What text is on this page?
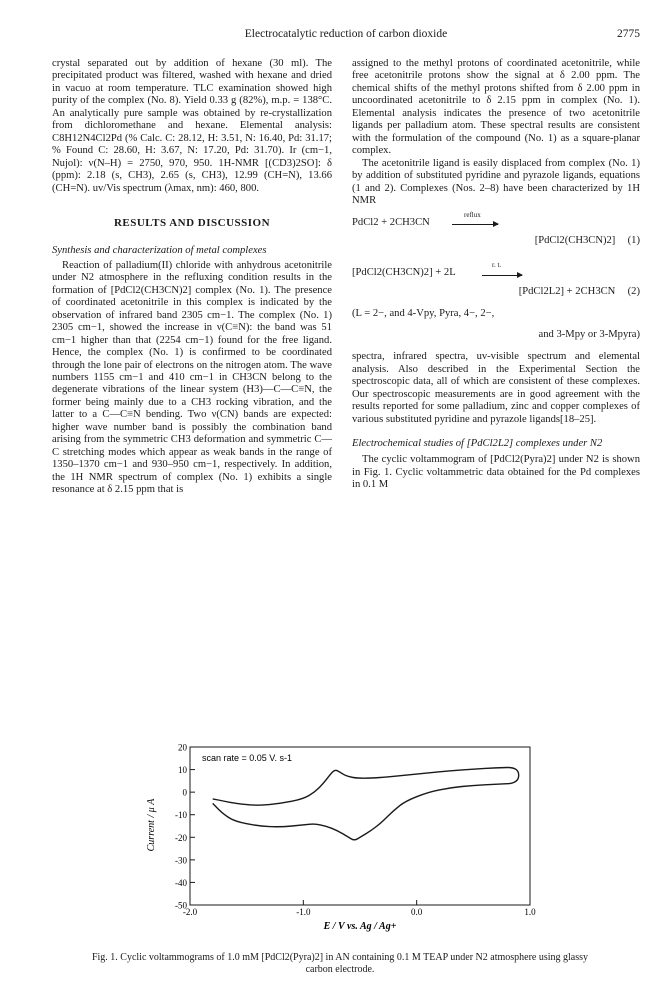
Electrocatalytic reduction of carbon dioxide	2775

crystal separated out by addition of hexane (30 ml). The precipitated product was filtered, washed with hexane and dried in vacuo at room temperature. TLC examination showed high purity of the complex (No. 8). Yield 0.33 g (82%), m.p. = 138°C. An analytically pure sample was obtained by re-crystallization from dichloromethane and hexane. Elemental analysis: C8H12N4Cl2Pd (% Calc. C: 28.12, H: 3.51, N: 16.40, Pd: 31.17; % Found C: 28.60, H: 3.67, N: 17.20, Pd: 31.70). Ir (cm−1, Nujol): ν(N–H) = 2750, 970, 950. 1H-NMR [(CD3)2SO]: δ (ppm): 2.18 (s, CH3), 2.65 (s, CH3), 12.99 (CH=N), 13.66 (CH=N). uv/Vis spectrum (λmax, nm): 460, 800.

RESULTS AND DISCUSSION
Synthesis and characterization of metal complexes

Reaction of palladium(II) chloride with anhydrous acetonitrile under N2 atmosphere in the refluxing condition results in the formation of [PdCl2(CH3CN)2] complex (No. 1). The presence of coordinated acetonitrile in this complex is indicated by the observation of infrared band 2305 cm−1. The complex (No. 1) 2305 cm−1, showed the increase in ν(C≡N): the band was 51 cm−1 higher than that (2254 cm−1) found for the free ligand. Hence, the complex (No. 1) is confirmed to be coordinated through the lone pair of electrons on the nitrogen atom. The wave numbers 1155 cm−1 and 410 cm−1 in CH3CN belong to the degenerate vibrations of the linear system (H3)—C—C≡N, the former being mainly due to a CH3 rocking vibration, and the latter to a C—C≡N bending. Two ν(CN) bands are expected: higher wave number band is possibly the combination band arising from the symmetric CH3 deformation and symmetric C—C stretching modes which appear as weak bands in the range of 1350–1370 cm−1 and 930–950 cm−1, respectively. In addition, the 1H NMR spectrum of complex (No. 1) exhibits a single resonance at δ 2.15 ppm that is

assigned to the methyl protons of coordinated acetonitrile, while free acetonitrile protons show the signal at δ 2.00 ppm. The chemical shifts of the methyl protons shifted from δ 2.00 ppm in uncoordinated acetonitrile to δ 2.15 ppm in complex (No. 1). Elemental analysis indicates the presence of two acetonitrile ligands per palladium atom. These spectral results are consistent with the formulation of the compound (No. 1) as a square-planar complex.

The acetonitrile ligand is easily displaced from complex (No. 1) by addition of substituted pyridine and pyrazole ligands, equations (1 and 2). Complexes (Nos. 2–8) have been characterized by 1H NMR

PdCl2 + 2CH3CN
reflux
[PdCl2(CH3CN)2] (1)
[PdCl2(CH3CN)2] + 2L
r. t.
[PdCl2L2] + 2CH3CN (2)

(L = 2−, and 4-Vpy, Pyra, 4−, 2−,

and 3-Mpy or 3-Mpyra)

spectra, infrared spectra, uv-visible spectrum and elemental analysis. Also described in the Experimental Section the spectroscopic data, all of which are consistent of these complexes. Our spectroscopic measurements are in good agreement with the results reported for some palladium, zinc and copper complexes of various substituted pyridine and pyrazole ligands[18–25].

Electrochemical studies of [PdCl2L2] complexes under N2

The cyclic voltammogram of [PdCl2(Pyra)2] under N2 is shown in Fig. 1. Cyclic voltammetric data obtained for the Pd complexes in 0.1 M

20
10
0
-10
-20
-30
-40
-50
-2.0	-1.0	0.0	1.0
scan rate = 0.05 V. s-1
E / V vs. Ag / Ag+
Current / μ A
Fig. 1. Cyclic voltammograms of 1.0 mM [PdCl2(Pyra)2] in AN containing 0.1 M TEAP under N2 atmosphere using glassy carbon electrode.
